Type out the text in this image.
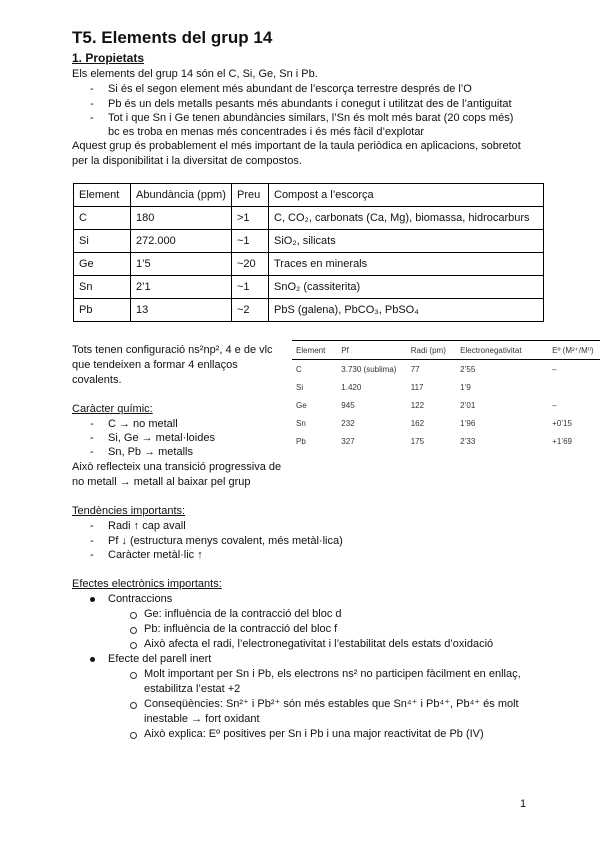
T5. Elements del grup 14
1. Propietats
Els elements del grup 14 són el C, Si, Ge, Sn i Pb.
- Si és el segon element més abundant de l’escorça terrestre després de l’O
- Pb és un dels metalls pesants més abundants i conegut i utilitzat des de l’antiguitat
- Tot i que Sn i Ge tenen abundàncies similars, l’Sn és molt més barat (20 cops més)
bc es troba en menas més concentrades i és més fàcil d’explotar
Aquest grup és probablement el més important de la taula periòdica en aplicacions, sobretot
per la disponibilitat i la diversitat de compostos.
Element	Abundància (ppm)	Preu	Compost a l’escorça
C	180	>1	C, CO₂, carbonats (Ca, Mg), biomassa, hidrocarburs
Si	272.000	~1	SiO₂, silicats
Ge	1’5	~20	Traces en minerals
Sn	2’1	~1	SnO₂ (cassiterita)
Pb	13	~2	PbS (galena), PbCO₃, PbSO₄
Tots tenen configuració ns²np², 4 e de vlc
que tendeixen a formar 4 enllaços
covalents.
Element	Pf	Radi (pm)	Electronegativitat	Eº (M²⁺/M⁰)
C	3.730 (sublima)	77	2’55	–
Si	1.420	117	1’9	
Ge	945	122	2’01	–
Sn	232	162	1’96	+0’15
Pb	327	175	2’33	+1’69
Caràcter químic:
- C → no metall
- Si, Ge → metal·loides
- Sn, Pb → metalls
Això reflecteix una transició progressiva de
no metall → metall al baixar pel grup
Tendències importants:
- Radi ↑ cap avall
- Pf ↓ (estructura menys covalent, més metàl·lica)
- Caràcter metàl·lic ↑
Efectes electrònics importants:
Contraccions
Ge: influència de la contracció del bloc d
Pb: influència de la contracció del bloc f
Això afecta el radi, l’electronegativitat i l’estabilitat dels estats d’oxidació
Efecte del parell inert
Molt important per Sn i Pb, els electrons ns² no participen fàcilment en enllaç,
estabilitza l’estat +2
Conseqüències: Sn²⁺ i Pb²⁺ són més estables que Sn⁴⁺ i Pb⁴⁺, Pb⁴⁺ és molt
inestable → fort oxidant
Això explica: Eº positives per Sn i Pb i una major reactivitat de Pb (IV)
1
